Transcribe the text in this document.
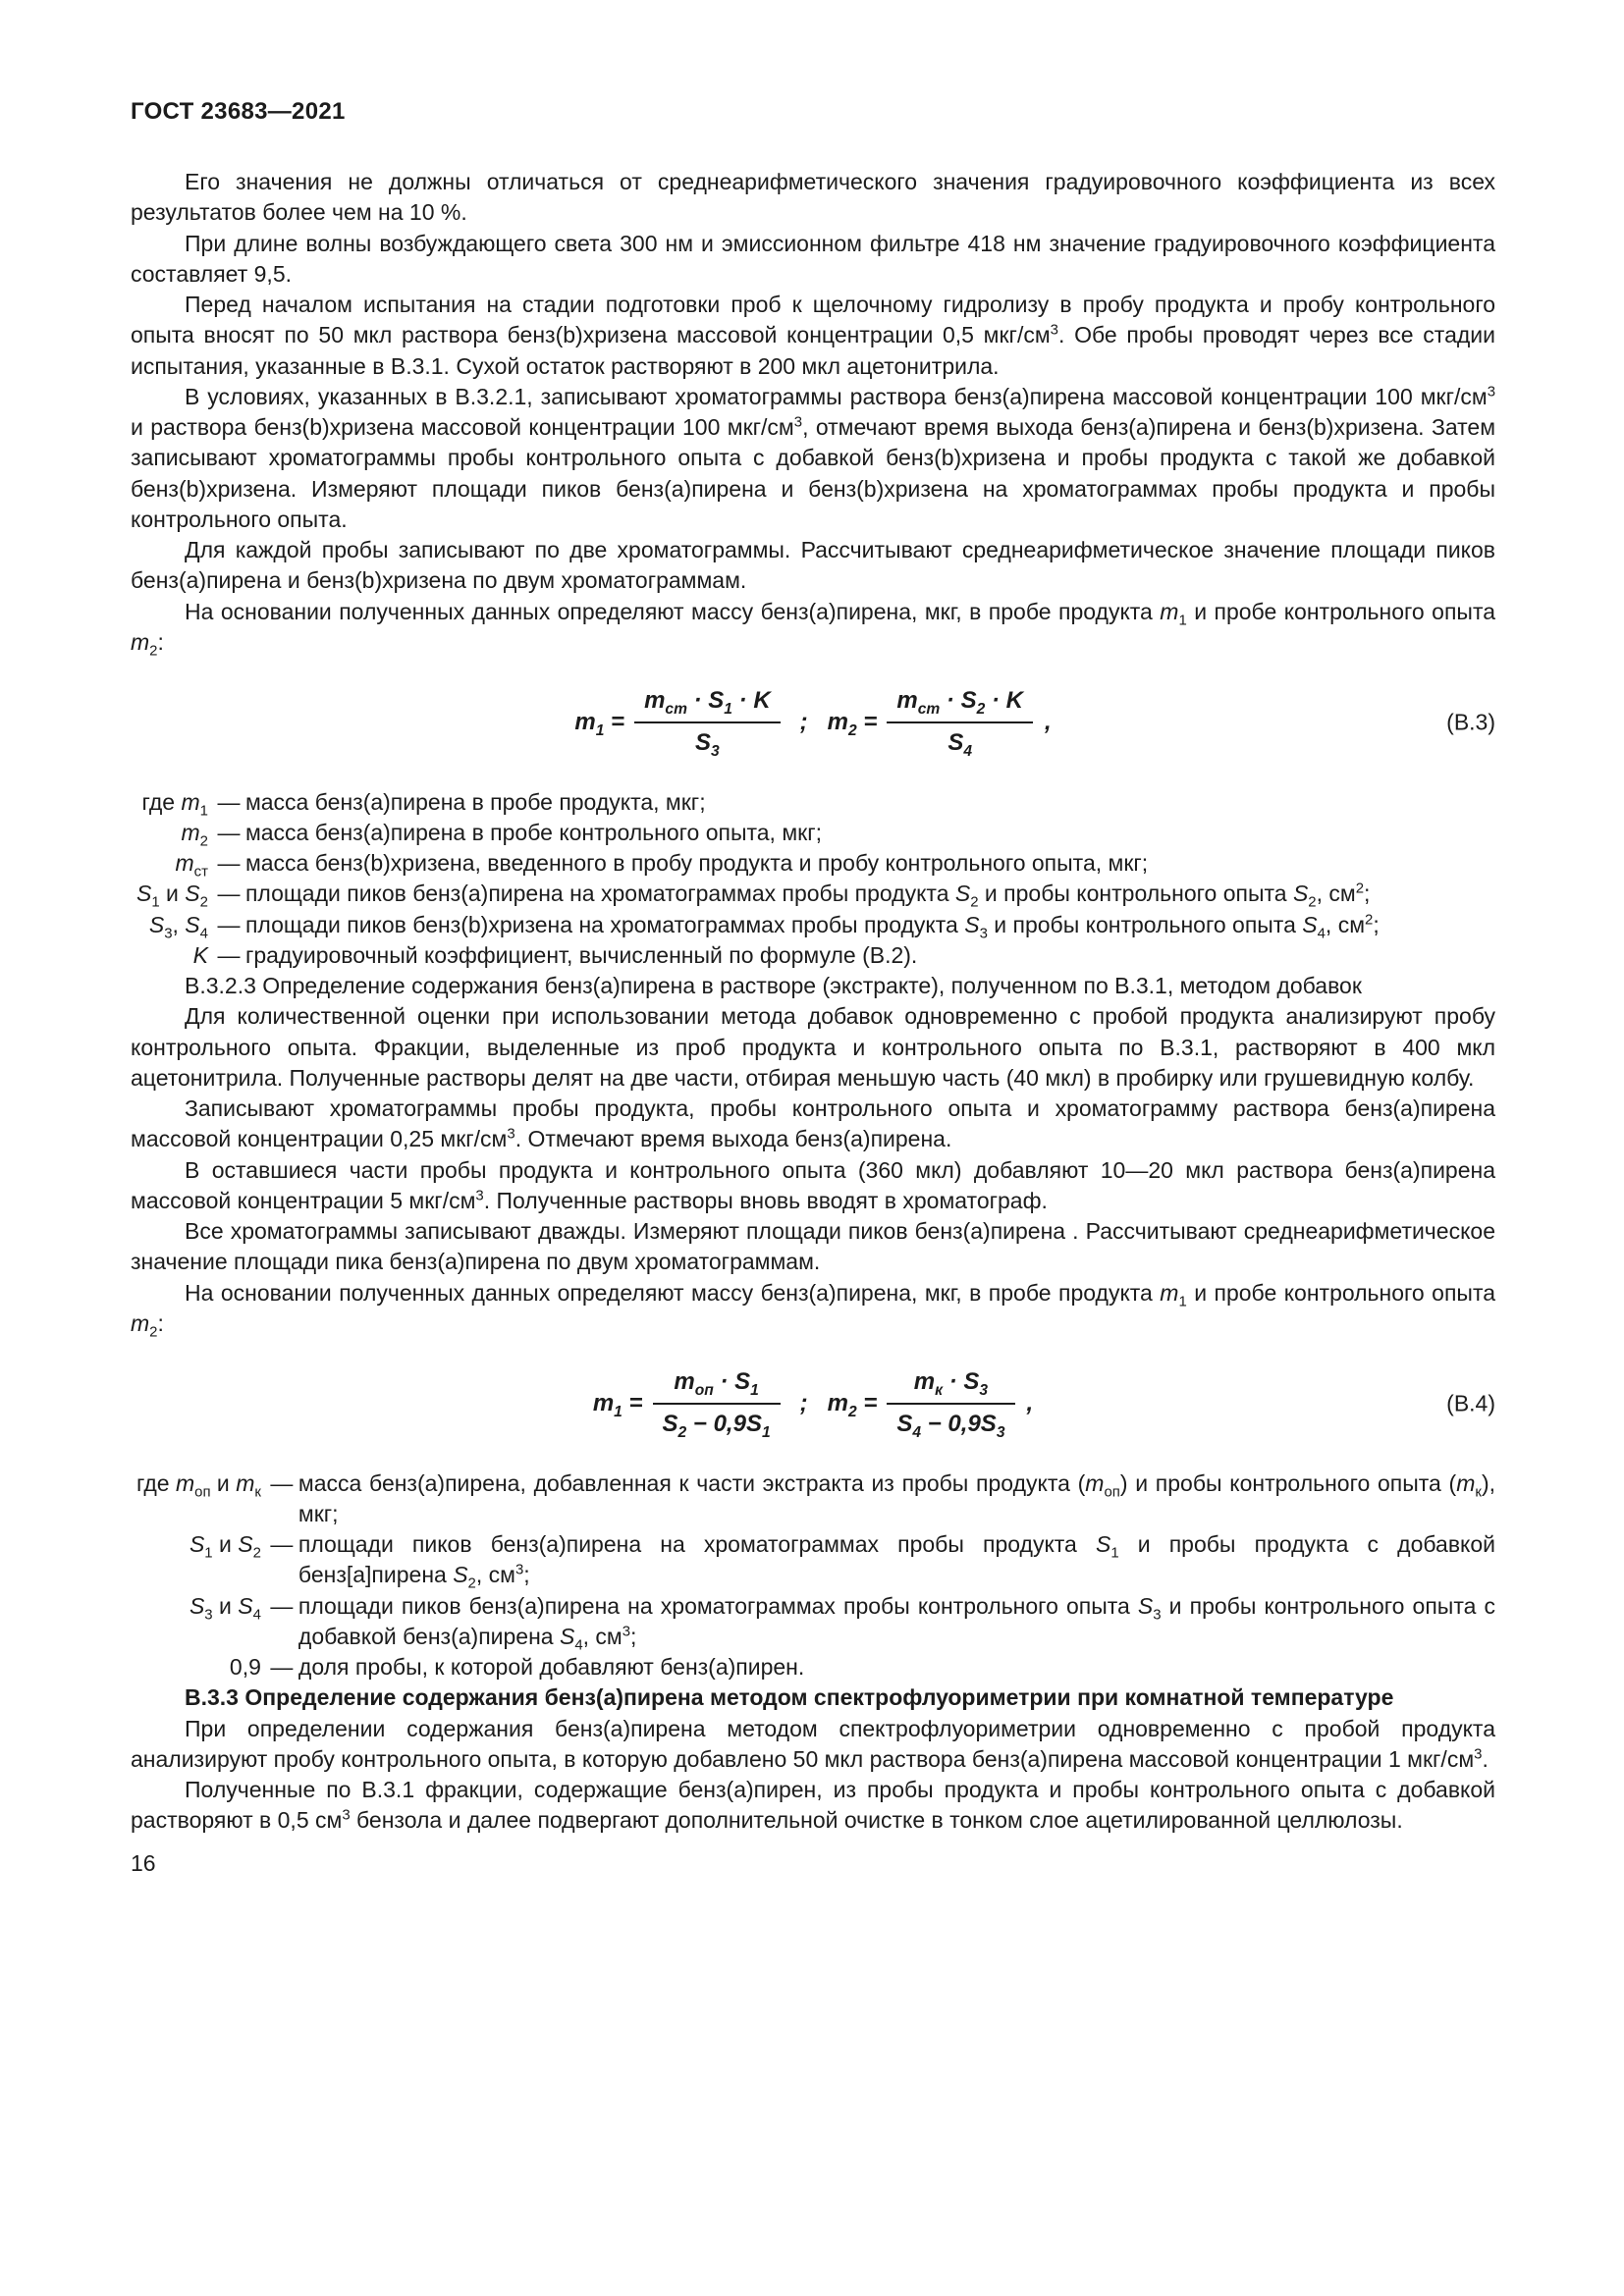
ГОСТ 23683—2021

Его значения не должны отличаться от среднеарифметического значения градуировочного коэффициента из всех результатов более чем на 10 %.

При длине волны возбуждающего света 300 нм и эмиссионном фильтре 418 нм значение градуировочного коэффициента составляет 9,5.

Перед началом испытания на стадии подготовки проб к щелочному гидролизу в пробу продукта и пробу контрольного опыта вносят по 50 мкл раствора бенз(b)хризена массовой концентрации 0,5 мкг/$см^3$. Обе пробы проводят через все стадии испытания, указанные в В.3.1. Сухой остаток растворяют в 200 мкл ацетонитрила.

В условиях, указанных в В.3.2.1, записывают хроматограммы раствора бенз(а)пирена массовой концентрации 100 мкг/$см^3$ и раствора бенз(b)хризена массовой концентрации 100 мкг/$см^3$, отмечают время выхода бенз(а)пирена и бенз(b)хризена. Затем записывают хроматограммы пробы контрольного опыта с добавкой бенз(b)хризена и пробы продукта с такой же добавкой бенз(b)хризена. Измеряют площади пиков бенз(а)пирена и бенз(b)хризена на хроматограммах пробы продукта и пробы контрольного опыта.

Для каждой пробы записывают по две хроматограммы. Рассчитывают среднеарифметическое значение площади пиков бенз(а)пирена и бенз(b)хризена по двум хроматограммам.

На основании полученных данных определяют массу бенз(а)пирена, мкг, в пробе продукта $m_1$ и пробе контрольного опыта $m_2$:

$m_1 = \frac{m_{ст} \cdot S_1 \cdot K}{S_3}$ ; $m_2 = \frac{m_{ст} \cdot S_2 \cdot K}{S_4}$ ,	(В.3)
где $m_1$ — масса бенз(а)пирена в пробе продукта, мкг;
$m_2$ — масса бенз(а)пирена в пробе контрольного опыта, мкг;
$m_{ст}$ — масса бенз(b)хризена, введенного в пробу продукта и пробу контрольного опыта, мкг;
$S_1$ и $S_2$ — площади пиков бенз(а)пирена на хроматограммах пробы продукта $S_2$ и пробы контрольного опыта $S_2$, $см^2$;
$S_3$, $S_4$ — площади пиков бенз(b)хризена на хроматограммах пробы продукта $S_3$ и пробы контрольного опыта $S_4$, $см^2$;
K — градуировочный коэффициент, вычисленный по формуле (В.2).

В.3.2.3 Определение содержания бенз(а)пирена в растворе (экстракте), полученном по В.3.1, методом добавок

Для количественной оценки при использовании метода добавок одновременно с пробой продукта анализируют пробу контрольного опыта. Фракции, выделенные из проб продукта и контрольного опыта по В.3.1, растворяют в 400 мкл ацетонитрила. Полученные растворы делят на две части, отбирая меньшую часть (40 мкл) в пробирку или грушевидную колбу.

Записывают хроматограммы пробы продукта, пробы контрольного опыта и хроматограмму раствора бенз(а)пирена массовой концентрации 0,25 мкг/$см^3$. Отмечают время выхода бенз(а)пирена.

В оставшиеся части пробы продукта и контрольного опыта (360 мкл) добавляют 10—20 мкл раствора бенз(а)пирена массовой концентрации 5 мкг/$см^3$. Полученные растворы вновь вводят в хроматограф.

Все хроматограммы записывают дважды. Измеряют площади пиков бенз(а)пирена . Рассчитывают среднеарифметическое значение площади пика бенз(а)пирена по двум хроматограммам.

На основании полученных данных определяют массу бенз(а)пирена, мкг, в пробе продукта $m_1$ и пробе контрольного опыта $m_2$:

$m_1 = \frac{m_{оп} \cdot S_1}{S_2 - 0,9S_1}$ ; $m_2 = \frac{m_к \cdot S_3}{S_4 - 0,9S_3}$ ,	(В.4)
где $m_{оп}$ и $m_к$ — масса бенз(а)пирена, добавленная к части экстракта из пробы продукта $(m_{оп})$ и пробы контрольного опыта $(m_к)$, мкг;
$S_1$ и $S_2$ — площади пиков бенз(а)пирена на хроматограммах пробы продукта $S_1$ и пробы продукта с добавкой бенз[а]пирена $S_2$, $см^3$;
$S_3$ и $S_4$ — площади пиков бенз(а)пирена на хроматограммах пробы контрольного опыта $S_3$ и пробы контрольного опыта с добавкой бенз(а)пирена $S_4$, $см^3$;
0,9 — доля пробы, к которой добавляют бенз(а)пирен.

В.3.3 Определение содержания бенз(а)пирена методом спектрофлуориметрии при комнатной температуре

При определении содержания бенз(а)пирена методом спектрофлуориметрии одновременно с пробой продукта анализируют пробу контрольного опыта, в которую добавлено 50 мкл раствора бенз(а)пирена массовой концентрации 1 мкг/$см^3$.

Полученные по В.3.1 фракции, содержащие бенз(а)пирен, из пробы продукта и пробы контрольного опыта с добавкой растворяют в 0,5 $см^3$ бензола и далее подвергают дополнительной очистке в тонком слое ацетилированной целлюлозы.

16
